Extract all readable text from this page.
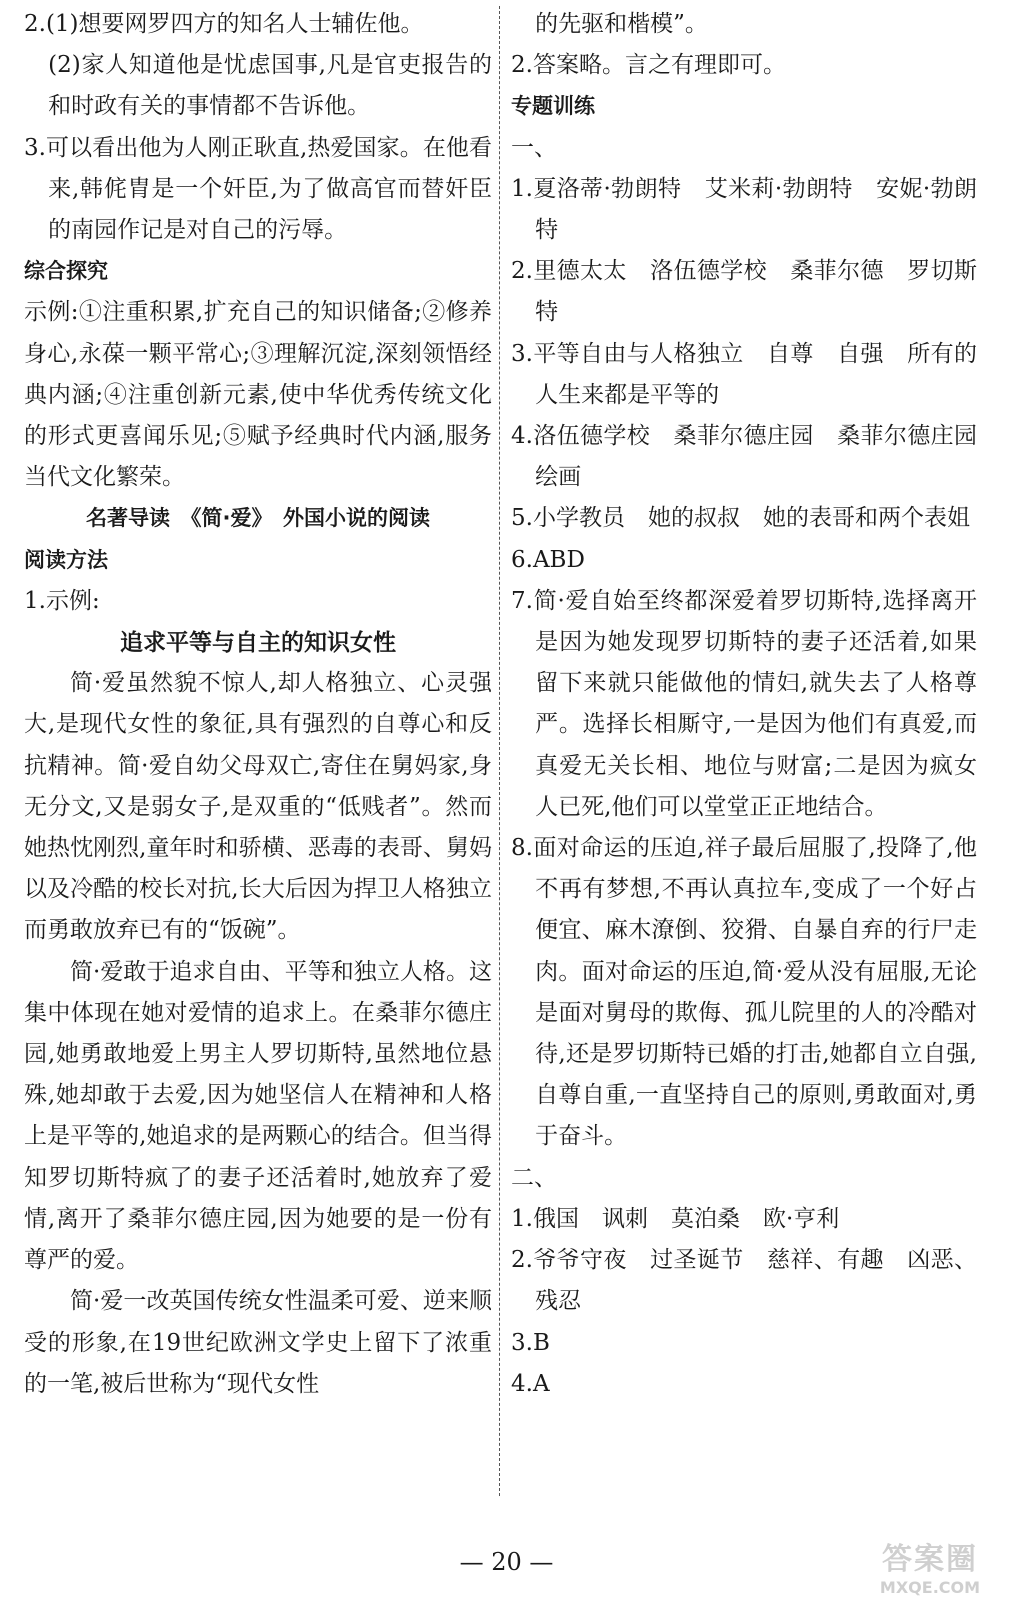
2.(1)想要网罗四方的知名人士辅佐他。

(2)家人知道他是忧虑国事,凡是官吏报告的和时政有关的事情都不告诉他。

3.可以看出他为人刚正耿直,热爱国家。在他看来,韩侂胄是一个奸臣,为了做高官而替奸臣的南园作记是对自己的污辱。

综合探究

示例:①注重积累,扩充自己的知识储备;②修养身心,永葆一颗平常心;③理解沉淀,深刻领悟经典内涵;④注重创新元素,使中华优秀传统文化的形式更喜闻乐见;⑤赋予经典时代内涵,服务当代文化繁荣。

名著导读　《简·爱》　外国小说的阅读

阅读方法

1.示例:

追求平等与自主的知识女性

简·爱虽然貌不惊人,却人格独立、心灵强大,是现代女性的象征,具有强烈的自尊心和反抗精神。简·爱自幼父母双亡,寄住在舅妈家,身无分文,又是弱女子,是双重的“低贱者”。然而她热忱刚烈,童年时和骄横、恶毒的表哥、舅妈以及冷酷的校长对抗,长大后因为捍卫人格独立而勇敢放弃已有的“饭碗”。

简·爱敢于追求自由、平等和独立人格。这集中体现在她对爱情的追求上。在桑菲尔德庄园,她勇敢地爱上男主人罗切斯特,虽然地位悬殊,她却敢于去爱,因为她坚信人在精神和人格上是平等的,她追求的是两颗心的结合。但当得知罗切斯特疯了的妻子还活着时,她放弃了爱情,离开了桑菲尔德庄园,因为她要的是一份有尊严的爱。

简·爱一改英国传统女性温柔可爱、逆来顺受的形象,在19世纪欧洲文学史上留下了浓重的一笔,被后世称为“现代女性

的先驱和楷模”。

2.答案略。言之有理即可。

专题训练

一、

1.夏洛蒂·勃朗特　艾米莉·勃朗特　安妮·勃朗特

2.里德太太　洛伍德学校　桑菲尔德　罗切斯特

3.平等自由与人格独立　自尊　自强　所有的人生来都是平等的

4.洛伍德学校　桑菲尔德庄园　桑菲尔德庄园　绘画

5.小学教员　她的叔叔　她的表哥和两个表姐

6.ABD

7.简·爱自始至终都深爱着罗切斯特,选择离开是因为她发现罗切斯特的妻子还活着,如果留下来就只能做他的情妇,就失去了人格尊严。选择长相厮守,一是因为他们有真爱,而真爱无关长相、地位与财富;二是因为疯女人已死,他们可以堂堂正正地结合。

8.面对命运的压迫,祥子最后屈服了,投降了,他不再有梦想,不再认真拉车,变成了一个好占便宜、麻木潦倒、狡猾、自暴自弃的行尸走肉。面对命运的压迫,简·爱从没有屈服,无论是面对舅母的欺侮、孤儿院里的人的冷酷对待,还是罗切斯特已婚的打击,她都自立自强,自尊自重,一直坚持自己的原则,勇敢面对,勇于奋斗。

二、

1.俄国　讽刺　莫泊桑　欧·亨利

2.爷爷守夜　过圣诞节　慈祥、有趣　凶恶、残忍

3.B

4.A

— 20 —	答案圈
MXQE.COM
